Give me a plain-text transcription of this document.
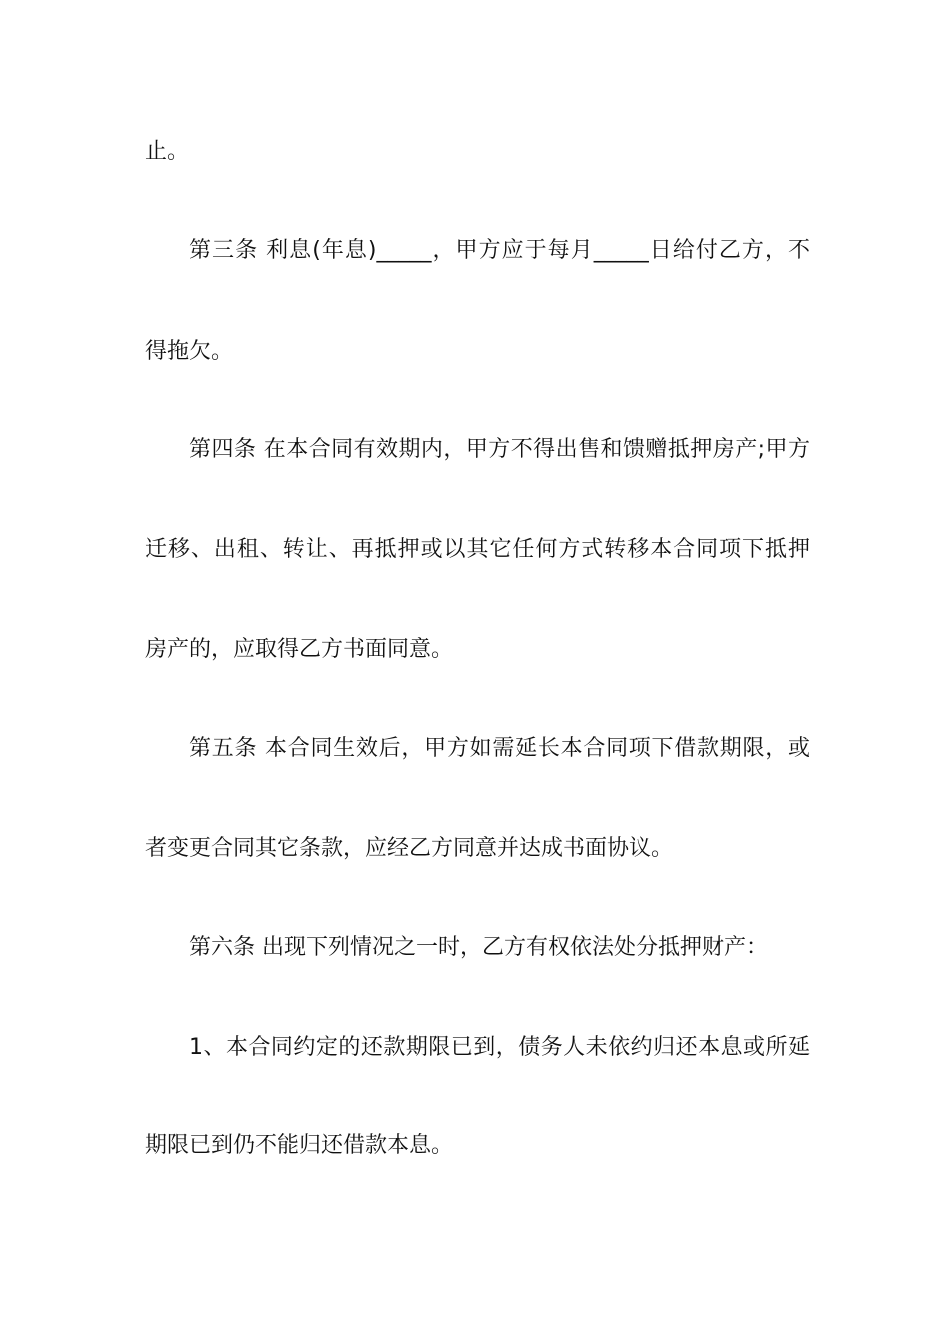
止。
第三条 利息(年息)_____，甲方应于每月_____日给付乙方，不
得拖欠。
第四条 在本合同有效期内，甲方不得出售和馈赠抵押房产;甲方
迁移、出租、转让、再抵押或以其它任何方式转移本合同项下抵押
房产的，应取得乙方书面同意。
第五条 本合同生效后，甲方如需延长本合同项下借款期限，或
者变更合同其它条款，应经乙方同意并达成书面协议。
第六条 出现下列情况之一时，乙方有权依法处分抵押财产：
1、本合同约定的还款期限已到，债务人未依约归还本息或所延
期限已到仍不能归还借款本息。
